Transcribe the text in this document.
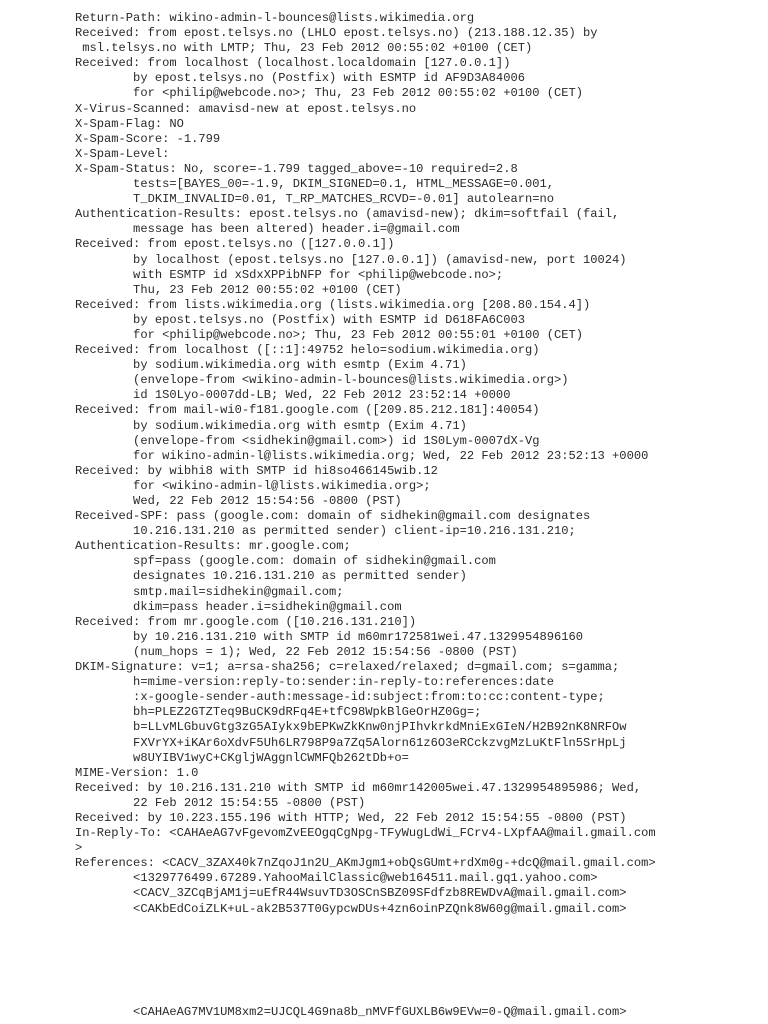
Return-Path: wikino-admin-l-bounces@lists.wikimedia.org
Received: from epost.telsys.no (LHLO epost.telsys.no) (213.188.12.35) by
msl.telsys.no with LMTP; Thu, 23 Feb 2012 00:55:02 +0100 (CET)
Received: from localhost (localhost.localdomain [127.0.0.1])
by epost.telsys.no (Postfix) with ESMTP id AF9D3A84006
for <philip@webcode.no>; Thu, 23 Feb 2012 00:55:02 +0100 (CET)
X-Virus-Scanned: amavisd-new at epost.telsys.no
X-Spam-Flag: NO
X-Spam-Score: -1.799
X-Spam-Level:
X-Spam-Status: No, score=-1.799 tagged_above=-10 required=2.8
tests=[BAYES_00=-1.9, DKIM_SIGNED=0.1, HTML_MESSAGE=0.001,
T_DKIM_INVALID=0.01, T_RP_MATCHES_RCVD=-0.01] autolearn=no
Authentication-Results: epost.telsys.no (amavisd-new); dkim=softfail (fail,
message has been altered) header.i=@gmail.com
Received: from epost.telsys.no ([127.0.0.1])
by localhost (epost.telsys.no [127.0.0.1]) (amavisd-new, port 10024)
with ESMTP id xSdxXPPibNFP for <philip@webcode.no>;
Thu, 23 Feb 2012 00:55:02 +0100 (CET)
Received: from lists.wikimedia.org (lists.wikimedia.org [208.80.154.4])
by epost.telsys.no (Postfix) with ESMTP id D618FA6C003
for <philip@webcode.no>; Thu, 23 Feb 2012 00:55:01 +0100 (CET)
Received: from localhost ([::1]:49752 helo=sodium.wikimedia.org)
by sodium.wikimedia.org with esmtp (Exim 4.71)
(envelope-from <wikino-admin-l-bounces@lists.wikimedia.org>)
id 1S0Lyo-0007dd-LB; Wed, 22 Feb 2012 23:52:14 +0000
Received: from mail-wi0-f181.google.com ([209.85.212.181]:40054)
by sodium.wikimedia.org with esmtp (Exim 4.71)
(envelope-from <sidhekin@gmail.com>) id 1S0Lym-0007dX-Vg
for wikino-admin-l@lists.wikimedia.org; Wed, 22 Feb 2012 23:52:13 +0000
Received: by wibhi8 with SMTP id hi8so466145wib.12
for <wikino-admin-l@lists.wikimedia.org>;
Wed, 22 Feb 2012 15:54:56 -0800 (PST)
Received-SPF: pass (google.com: domain of sidhekin@gmail.com designates
10.216.131.210 as permitted sender) client-ip=10.216.131.210;
Authentication-Results: mr.google.com;
spf=pass (google.com: domain of sidhekin@gmail.com
designates 10.216.131.210 as permitted sender)
smtp.mail=sidhekin@gmail.com;
dkim=pass header.i=sidhekin@gmail.com
Received: from mr.google.com ([10.216.131.210])
by 10.216.131.210 with SMTP id m60mr172581wei.47.1329954896160
(num_hops = 1); Wed, 22 Feb 2012 15:54:56 -0800 (PST)
DKIM-Signature: v=1; a=rsa-sha256; c=relaxed/relaxed; d=gmail.com; s=gamma;
h=mime-version:reply-to:sender:in-reply-to:references:date
:x-google-sender-auth:message-id:subject:from:to:cc:content-type;
bh=PLEZ2GTZTeq9BuCK9dRFq4E+tfC98WpkBlGeOrHZ0Gg=;
b=LLvMLGbuvGtg3zG5AIykx9bEPKwZkKnw0njPIhvkrkdMniExGIeN/H2B92nK8NRFOw
FXVrYX+iKAr6oXdvF5Uh6LR798P9a7Zq5Alorn61z6O3eRCckzvgMzLuKtFln5SrHpLj
w8UYIBV1wyC+CKgljWAggnlCWMFQb262tDb+o=
MIME-Version: 1.0
Received: by 10.216.131.210 with SMTP id m60mr142005wei.47.1329954895986; Wed,
22 Feb 2012 15:54:55 -0800 (PST)
Received: by 10.223.155.196 with HTTP; Wed, 22 Feb 2012 15:54:55 -0800 (PST)
In-Reply-To: <CAHAeAG7vFgevomZvEEOgqCgNpg-TFyWugLdWi_FCrv4-LXpfAA@mail.gmail.com
>
References: <CACV_3ZAX40k7nZqoJ1n2U_AKmJgm1+obQsGUmt+rdXm0g-+dcQ@mail.gmail.com>
<1329776499.67289.YahooMailClassic@web164511.mail.gq1.yahoo.com>
<CACV_3ZCqBjAM1j=uEfR44WsuvTD3OSCnSBZ09SFdfzb8REWDvA@mail.gmail.com>
<CAKbEdCoiZLK+uL-ak2B537T0GypcwDUs+4zn6oinPZQnk8W60g@mail.gmail.com>
<CAHAeAG7MV1UM8xm2=UJCQL4G9na8b_nMVFfGUXLB6w9EVw=0-Q@mail.gmail.com>
